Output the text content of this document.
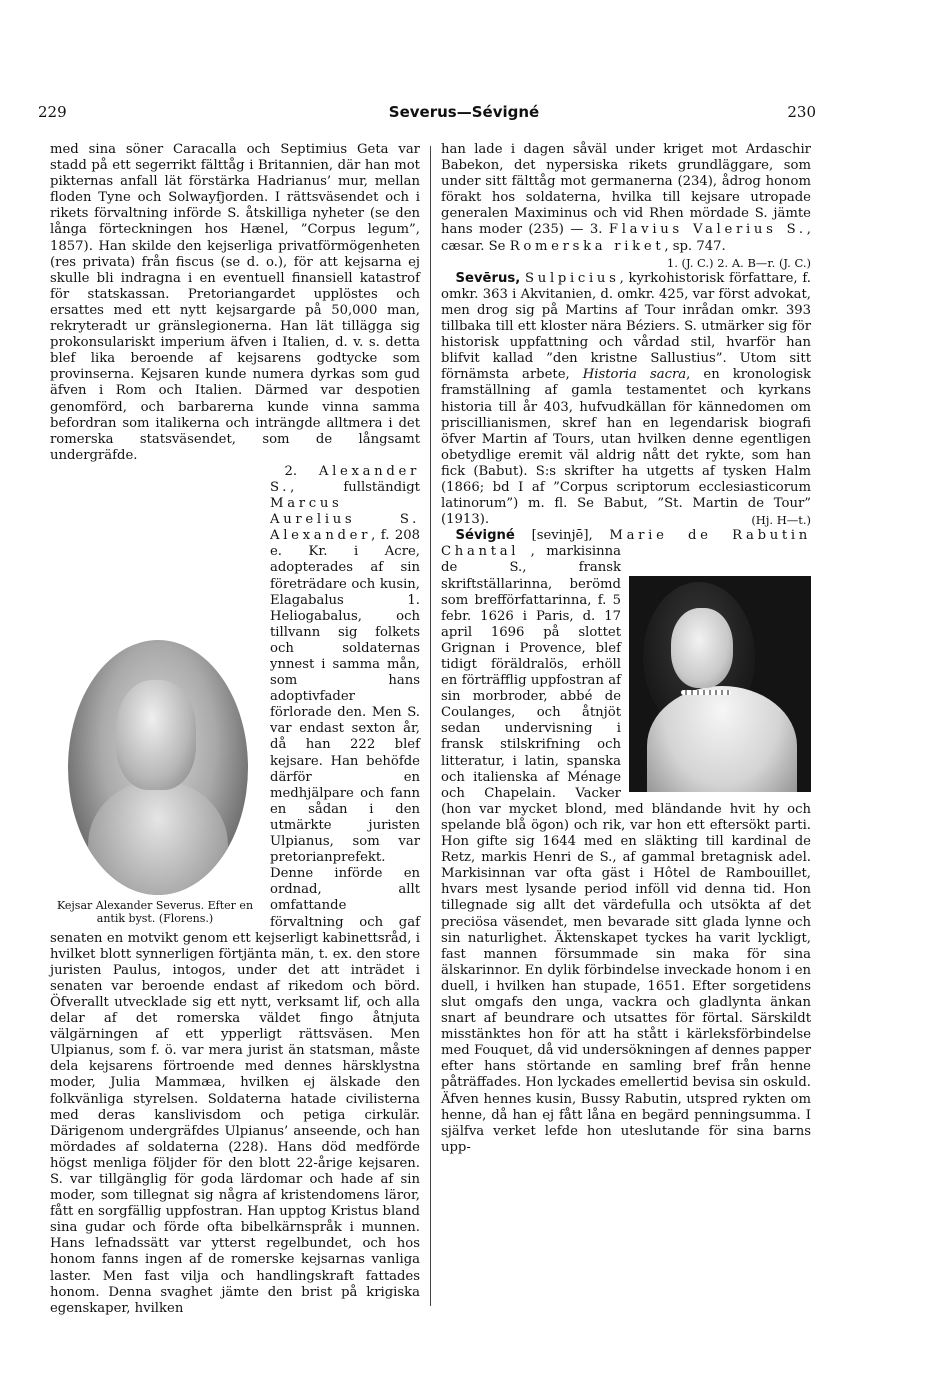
229	Severus—Sévigné	230

med sina söner Caracalla och Septimius Geta var stadd på ett segerrikt fälttåg i Britannien, där han mot pikternas anfall lät förstärka Hadrianus’ mur, mellan floden Tyne och Solwayfjorden. I rättsväsendet och i rikets förvaltning införde S. åtskilliga nyheter (se den långa förteckningen hos Hænel, ”Corpus legum”, 1857). Han skilde den kejserliga privatförmögenheten (res privata) från fiscus (se d. o.), för att kejsarna ej skulle bli indragna i en eventuell finansiell katastrof för statskassan. Pretoriangardet upplöstes och ersattes med ett nytt kejsargarde på 50,000 man, rekryteradt ur gränslegionerna. Han lät tillägga sig prokonsulariskt imperium äfven i Italien, d. v. s. detta blef lika beroende af kejsarens godtycke som provinserna. Kejsaren kunde numera dyrkas som gud äfven i Rom och Italien. Därmed var despotien genomförd, och barbarerna kunde vinna samma befordran som italikerna och inträngde alltmera i det romerska statsväsendet, som de långsamt undergräfde.

Kejsar Alexander Severus. Efter en antik byst. (Florens.)

2. Alexander S., fullständigt Marcus Aurelius S. Alexander, f. 208 e. Kr. i Acre, adopterades af sin företrädare och kusin, Elagabalus 1. Heliogabalus, och tillvann sig folkets och soldaternas ynnest i samma mån, som hans adoptivfader förlorade den. Men S. var endast sexton år, då han 222 blef kejsare. Han behöfde därför en medhjälpare och fann en sådan i den utmärkte juristen Ulpianus, som var pretorianprefekt. Denne införde en ordnad, allt omfattande förvaltning och gaf senaten en motvikt genom ett kejserligt kabinettsråd, i hvilket blott synnerligen förtjänta män, t. ex. den store juristen Paulus, intogos, under det att inträdet i senaten var beroende endast af rikedom och börd. Öfverallt utvecklade sig ett nytt, verksamt lif, och alla delar af det romerska väldet fingo åtnjuta välgärningen af ett ypperligt rättsväsen. Men Ulpianus, som f. ö. var mera jurist än statsman, måste dela kejsarens förtroende med dennes härsklystna moder, Julia Mammæa, hvilken ej älskade den folkvänliga styrelsen. Soldaterna hatade civilisterna med deras kanslivisdom och petiga cirkulär. Därigenom undergräfdes Ulpianus’ anseende, och han mördades af soldaterna (228). Hans död medförde högst menliga följder för den blott 22-årige kejsaren. S. var tillgänglig för goda lärdomar och hade af sin moder, som tillegnat sig några af kristendomens läror, fått en sorgfällig uppfostran. Han upptog Kristus bland sina gudar och förde ofta bibelkärnspråk i munnen. Hans lefnadssätt var ytterst regelbundet, och hos honom fanns ingen af de romerske kejsarnas vanliga laster. Men fast vilja och handlingskraft fattades honom. Denna svaghet jämte den brist på krigiska egenskaper, hvilken

han lade i dagen såväl under kriget mot Ardaschir Babekon, det nypersiska rikets grundläggare, som under sitt fälttåg mot germanerna (234), ådrog honom förakt hos soldaterna, hvilka till kejsare utropade generalen Maximinus och vid Rhen mördade S. jämte hans moder (235) — 3. Flavius Valerius S., cæsar. Se Romerska riket, sp. 747.
1. (J. C.) 2. A. B—r. (J. C.)

Sevērus, Sulpicius, kyrkohistorisk författare, f. omkr. 363 i Akvitanien, d. omkr. 425, var först advokat, men drog sig på Martins af Tour inrådan omkr. 393 tillbaka till ett kloster nära Béziers. S. utmärker sig för historisk uppfattning och vårdad stil, hvarför han blifvit kallad ”den kristne Sallustius”. Utom sitt förnämsta arbete, Historia sacra, en kronologisk framställning af gamla testamentet och kyrkans historia till år 403, hufvudkällan för kännedomen om priscillianismen, skref han en legendarisk biografi öfver Martin af Tours, utan hvilken denne egentligen obetydlige eremit väl aldrig nått det rykte, som han fick (Babut). S:s skrifter ha utgetts af tysken Halm (1866; bd I af ”Corpus scriptorum ecclesiasticorum latinorum”) m. fl. Se Babut, ”St. Martin de Tour” (1913).	(Hj. H—t.)

Sévigné [sevinjē], Marie de Rabutin Chantal , markisinna de S., fransk skriftställarinna, berömd som brefförfattarinna, f. 5 febr. 1626 i Paris, d. 17 april 1696 på slottet Grignan i Provence, blef tidigt föräldralös, erhöll en förträfflig uppfostran af sin morbroder, abbé de Coulanges, och åtnjöt sedan undervisning i fransk stilskrifning och litteratur, i latin, spanska och italienska af Ménage och Chapelain. Vacker (hon var mycket blond, med bländande hvit hy och spelande blå ögon) och rik, var hon ett eftersökt parti. Hon gifte sig 1644 med en släkting till kardinal de Retz, markis Henri de S., af gammal bretagnisk adel. Markisinnan var ofta gäst i Hôtel de Rambouillet, hvars mest lysande period inföll vid denna tid. Hon tillegnade sig allt det värdefulla och utsökta af det preciösa väsendet, men bevarade sitt glada lynne och sin naturlighet. Äktenskapet tyckes ha varit lyckligt, fast mannen försummade sin maka för sina älskarinnor. En dylik förbindelse inveckade honom i en duell, i hvilken han stupade, 1651. Efter sorgetidens slut omgafs den unga, vackra och gladlynta änkan snart af beundrare och utsattes för förtal. Särskildt misstänktes hon för att ha stått i kärleksförbindelse med Fouquet, då vid undersökningen af dennes papper efter hans störtande en samling bref från henne påträffades. Hon lyckades emellertid bevisa sin oskuld. Äfven hennes kusin, Bussy Rabutin, utspred rykten om henne, då han ej fått låna en begärd penningsumma. I själfva verket lefde hon uteslutande för sina barns upp-
